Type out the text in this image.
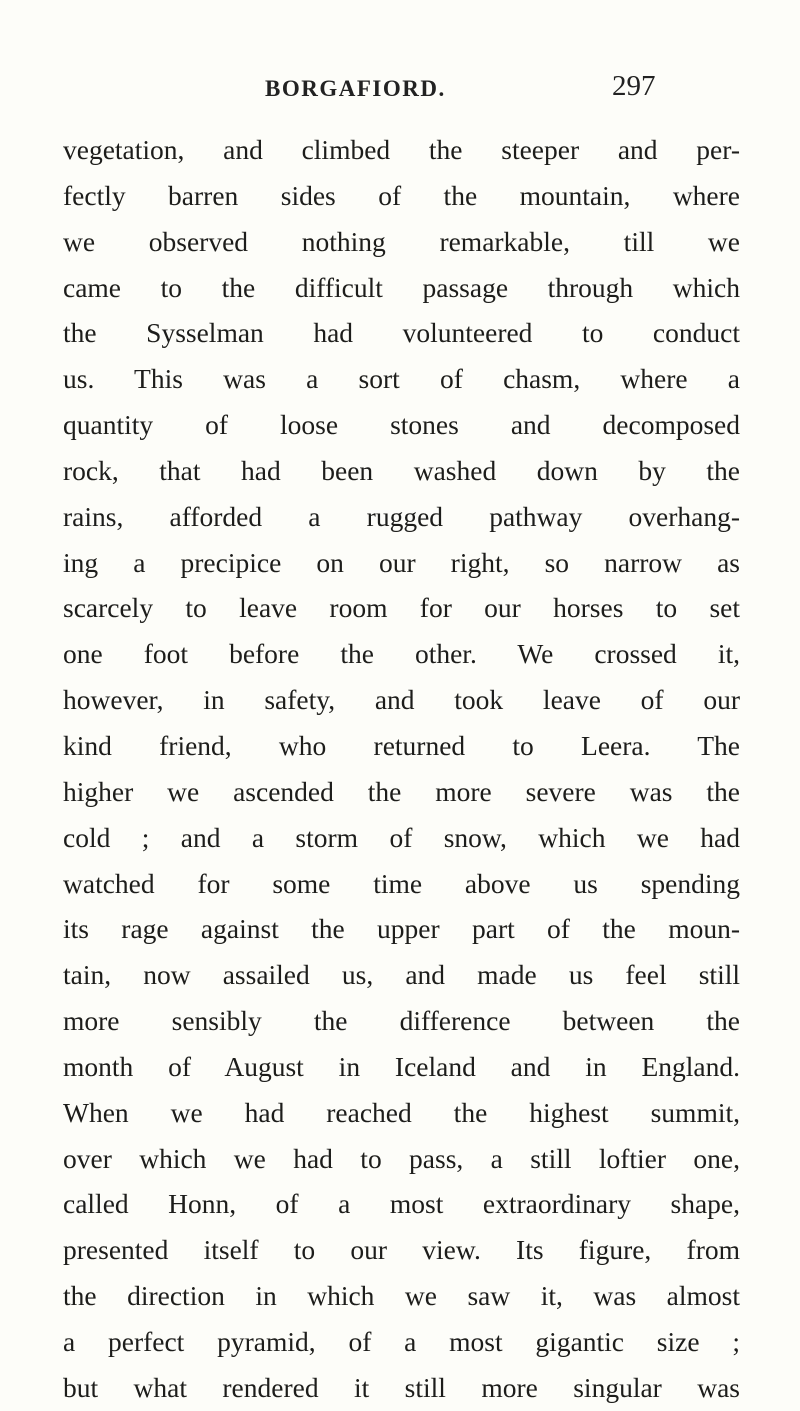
BORGAFIORD.	297
vegetation, and climbed the steeper and per-
fectly barren sides of the mountain, where
we observed nothing remarkable, till we
came to the difficult passage through which
the Sysselman had volunteered to conduct
us. This was a sort of chasm, where a
quantity of loose stones and decomposed
rock, that had been washed down by the
rains, afforded a rugged pathway overhang-
ing a precipice on our right, so narrow as
scarcely to leave room for our horses to set
one foot before the other. We crossed it,
however, in safety, and took leave of our
kind friend, who returned to Leera. The
higher we ascended the more severe was the
cold ; and a storm of snow, which we had
watched for some time above us spending
its rage against the upper part of the moun-
tain, now assailed us, and made us feel still
more sensibly the difference between the
month of August in Iceland and in England.
When we had reached the highest summit,
over which we had to pass, a still loftier one,
called Honn, of a most extraordinary shape,
presented itself to our view. Its figure, from
the direction in which we saw it, was almost
a perfect pyramid, of a most gigantic size ;
but what rendered it still more singular was
